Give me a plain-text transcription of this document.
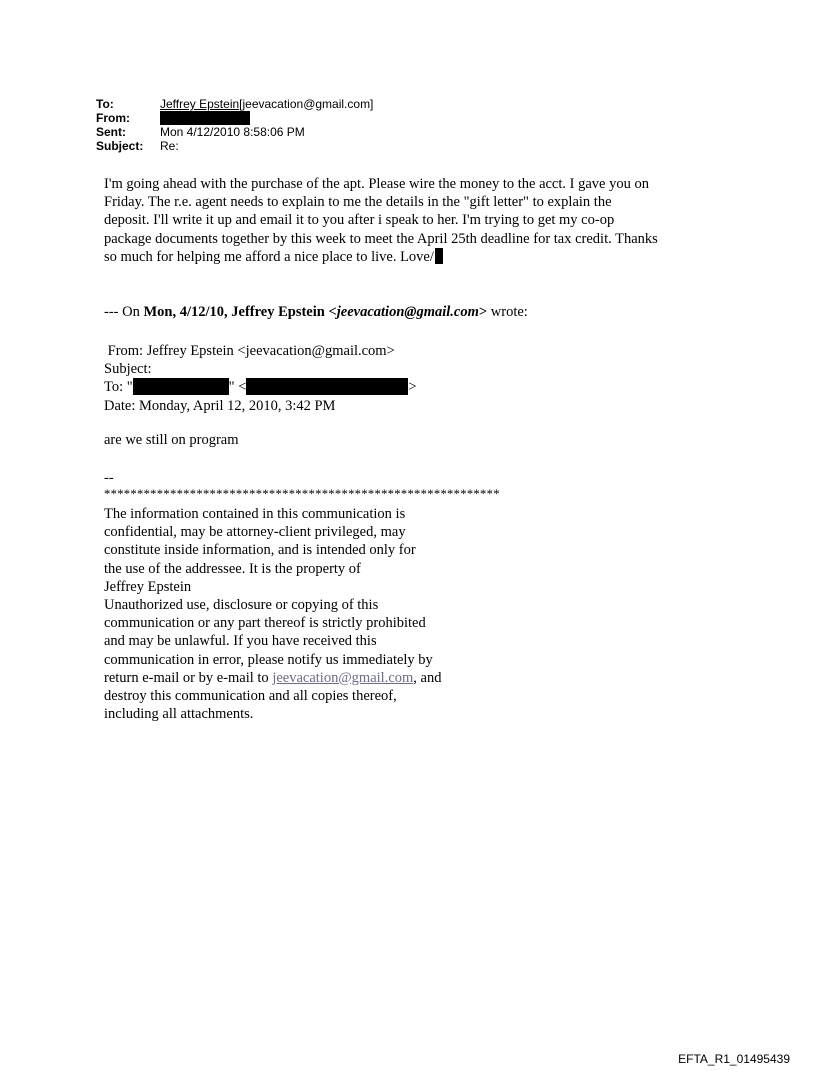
To:	Jeffrey Epstein[jeevacation@gmail.com]
From:
Sent:	Mon 4/12/2010 8:58:06 PM
Subject: Re:
I'm going ahead with the purchase of the apt. Please wire the money to the acct. I gave you on
Friday. The r.e. agent needs to explain to me the details in the "gift letter" to explain the
deposit. I'll write it up and email it to you after i speak to her. I'm trying to get my co-op
package documents together by this week to meet the April 25th deadline for tax credit. Thanks
so much for helping me afford a nice place to live. Love/
--- On Mon, 4/12/10, Jeffrey Epstein <jeevacation@gmail.com> wrote:
From: Jeffrey Epstein <jeevacation@gmail.com>
Subject:
To: "	" <	>
Date: Monday, April 12, 2010, 3:42 PM
are we still on program
--
************************************************************
The information contained in this communication is
confidential, may be attorney-client privileged, may
constitute inside information, and is intended only for
the use of the addressee. It is the property of
Jeffrey Epstein
Unauthorized use, disclosure or copying of this
communication or any part thereof is strictly prohibited
and may be unlawful. If you have received this
communication in error, please notify us immediately by
return e-mail or by e-mail to jeevacation@gmail.com, and
destroy this communication and all copies thereof,
including all attachments.
EFTA_R1_01495439
